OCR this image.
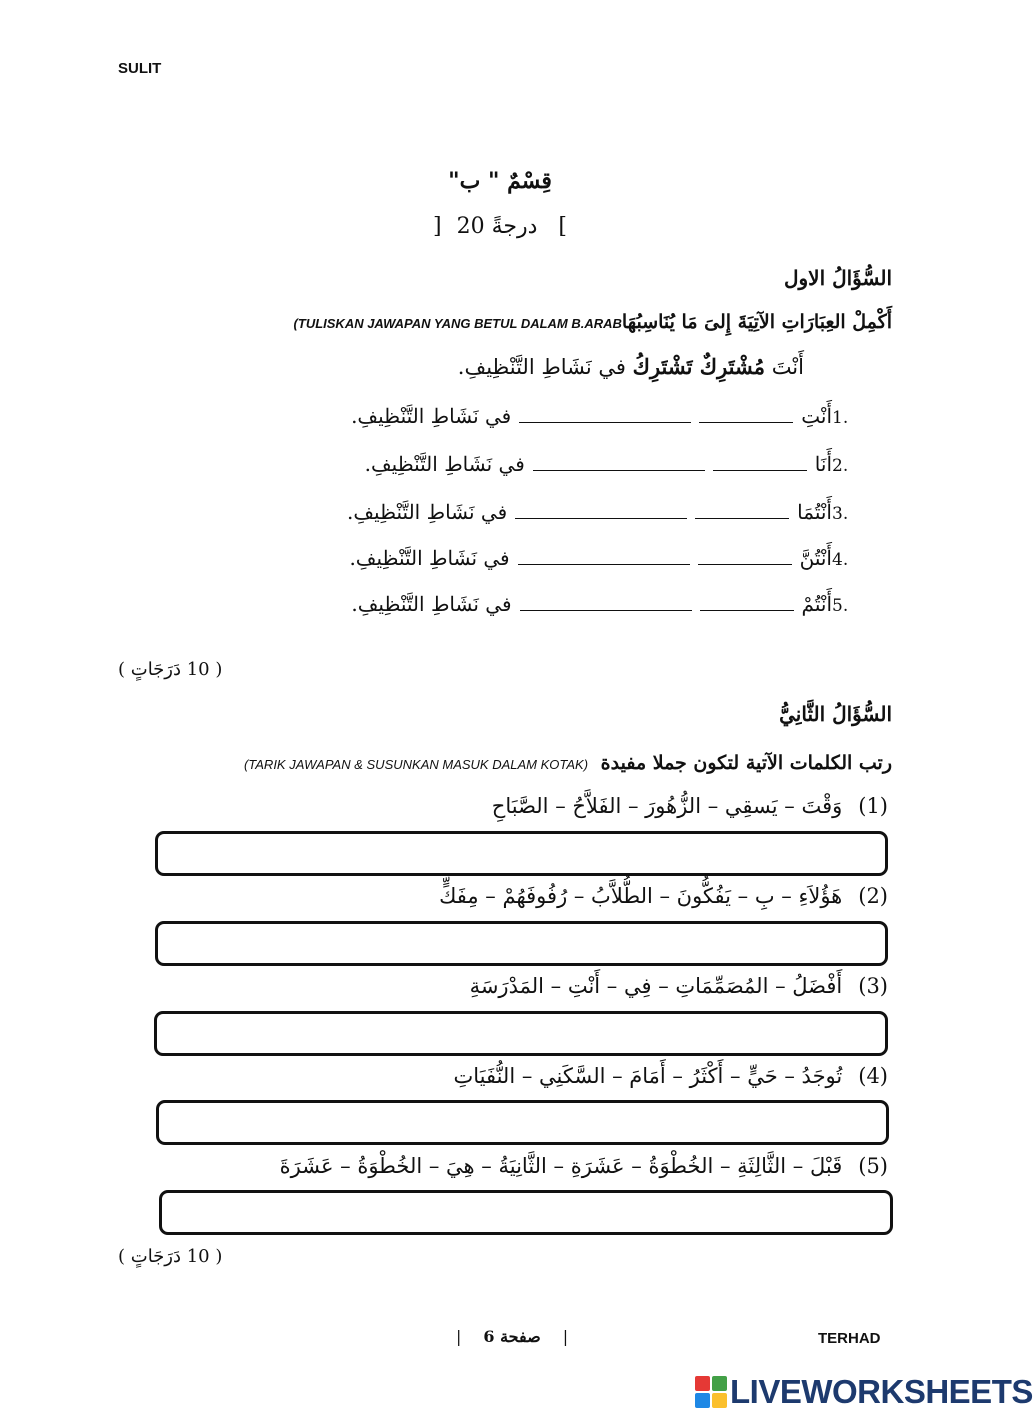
SULIT
قِسْمٌ " ب"
] درجةً 20	[
السُّؤَالُ الاول
أَكْمِلْ العِبَارَاتِ الآتِيَةَ إِلىَ مَا يُنَاسِبُهَا(TULISKAN JAWAPAN YANG BETUL DALAM B.ARAB
أَنْتَ مُشْتَرِكٌ تَشْتَرِكُ في نَشَاطِ التَّنْظِيفِ.
1.
أَنْتِ
في نَشَاطِ التَّنْظِيفِ.
2.
أَنَا
في نَشَاطِ التَّنْظِيفِ.
3.
أَنْتُمَا
في نَشَاطِ التَّنْظِيفِ.
4.
أَنْتُنَّ
في نَشَاطِ التَّنْظِيفِ.
5.
أَنْتُمْ
في نَشَاطِ التَّنْظِيفِ.
( 10 دَرَجَاتٍ )
السُّؤَالُ الثَّانِيُّ
رتب الكلمات الآتية لتكون جملا مفيدة (TARIK JAWAPAN & SUSUNKAN MASUK DALAM KOTAK)
(1)
وَقْتَ – يَسقِي – الزُّهُورَ – الفَلاَّحُ – الصَّبَاحِ
(2)
هَؤُلاَءِ – بِ – يَفُكُّونَ – الطُّلاَّبُ – رُفُوفَهُمْ – مِفَكٍّ
(3)
أَفْضَلُ – المُصَمِّمَاتِ – فِي – أَنْتِ – المَدْرَسَةِ
(4)
تُوجَدُ – حَيٍّ – أَكْثَرُ – أَمَامَ – السَّكَنِي – النُّفَيَاتِ
(5)
قَبْلَ – الثَّالِثَةِ – الخُطْوَةُ – عَشَرَةِ – الثَّانِيَةُ – هِيَ – الخُطْوَةُ – عَشَرَةَ
( 10 دَرَجَاتٍ )
| صفحة 6 |	TERHAD
LIVEWORKSHEETS
